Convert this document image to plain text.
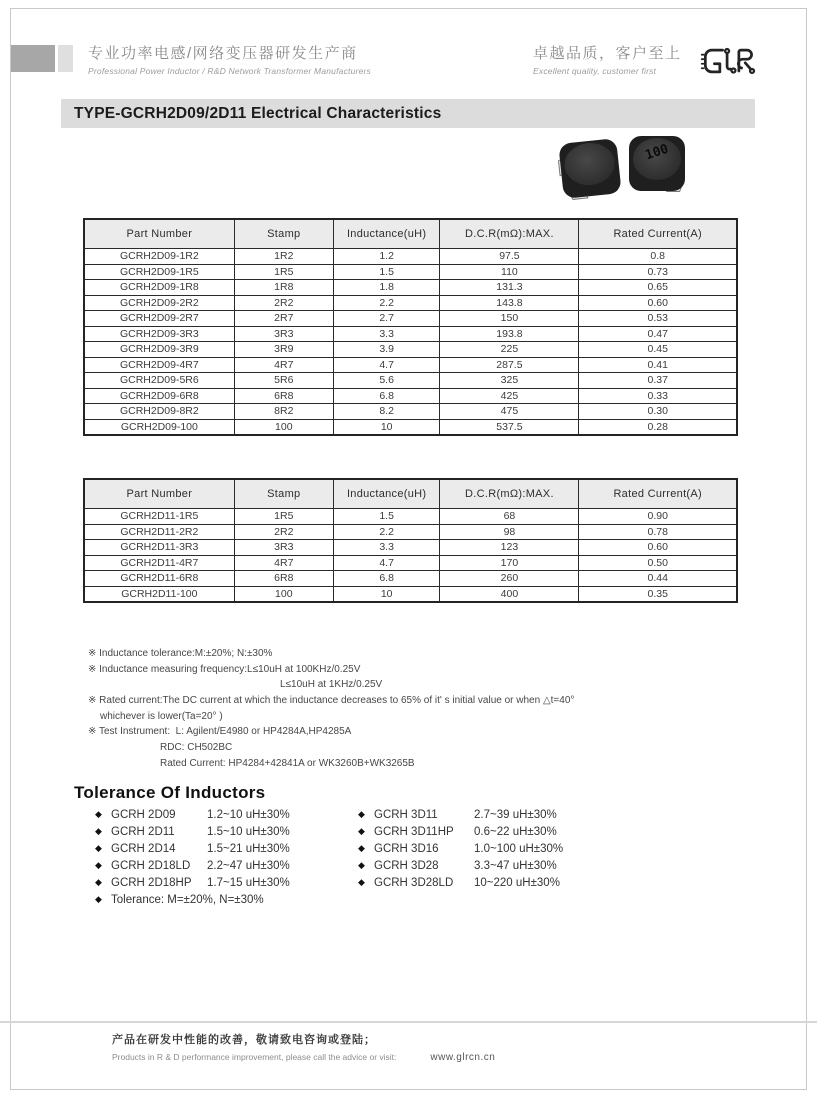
专业功率电感/网络变压器研发生产商
Professional Power Inductor / R&D Network Transformer Manufacturers
卓越品质，客户至上
Excellent quality, customer first
TYPE-GCRH2D09/2D11 Electrical Characteristics
100
Part Number	Stamp	Inductance(uH)	D.C.R(mΩ):MAX.	Rated Current(A)
GCRH2D09-1R2	1R2	1.2	97.5	0.8
GCRH2D09-1R5	1R5	1.5	110	0.73
GCRH2D09-1R8	1R8	1.8	131.3	0.65
GCRH2D09-2R2	2R2	2.2	143.8	0.60
GCRH2D09-2R7	2R7	2.7	150	0.53
GCRH2D09-3R3	3R3	3.3	193.8	0.47
GCRH2D09-3R9	3R9	3.9	225	0.45
GCRH2D09-4R7	4R7	4.7	287.5	0.41
GCRH2D09-5R6	5R6	5.6	325	0.37
GCRH2D09-6R8	6R8	6.8	425	0.33
GCRH2D09-8R2	8R2	8.2	475	0.30
GCRH2D09-100	100	10	537.5	0.28
Part Number	Stamp	Inductance(uH)	D.C.R(mΩ):MAX.	Rated Current(A)
GCRH2D11-1R5	1R5	1.5	68	0.90
GCRH2D11-2R2	2R2	2.2	98	0.78
GCRH2D11-3R3	3R3	3.3	123	0.60
GCRH2D11-4R7	4R7	4.7	170	0.50
GCRH2D11-6R8	6R8	6.8	260	0.44
GCRH2D11-100	100	10	400	0.35
※ Inductance tolerance:M:±20%; N:±30%
※ Inductance measuring frequency:L≤10uH at 100KHz/0.25V
L≤10uH at 1KHz/0.25V
※ Rated current:The DC current at which the inductance decreases to 65% of it' s initial value or when △t=40°
whichever is lower(Ta=20° )
※ Test Instrument:  L: Agilent/E4980 or HP4284A,HP4285A
RDC: CH502BC
Rated Current: HP4284+42841A or WK3260B+WK3265B
Tolerance Of Inductors
◆ GCRH 2D09	1.2~10 uH±30%
◆ GCRH 2D11	1.5~10 uH±30%
◆ GCRH 2D14	1.5~21 uH±30%
◆ GCRH 2D18LD	2.2~47 uH±30%
◆ GCRH 2D18HP	1.7~15 uH±30%
◆ Tolerance: M=±20%, N=±30%
◆ GCRH 3D11	2.7~39 uH±30%
◆ GCRH 3D11HP	0.6~22 uH±30%
◆ GCRH 3D16	1.0~100 uH±30%
◆ GCRH 3D28	3.3~47 uH±30%
◆ GCRH 3D28LD	10~220 uH±30%
产品在研发中性能的改善，敬请致电咨询或登陆；
Products in R & D performance improvement, please call the advice or visit:	www.glrcn.cn
